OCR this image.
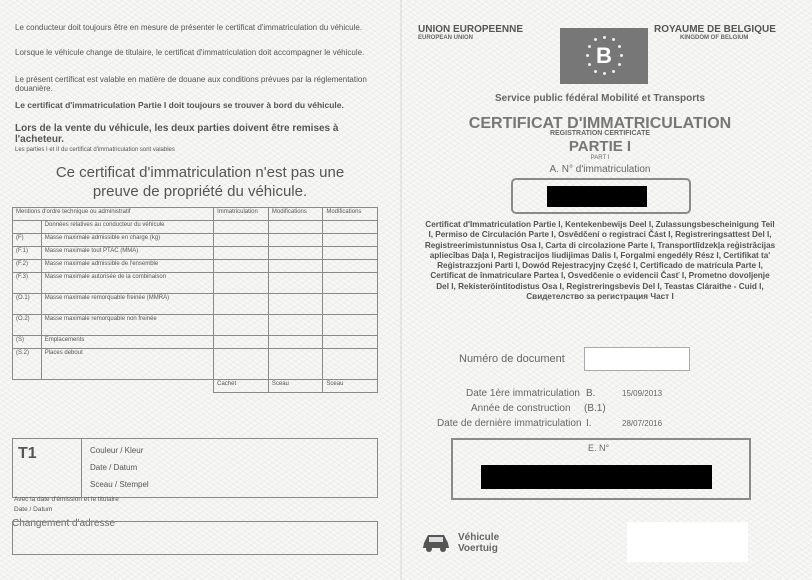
Le conducteur doit toujours être en mesure de présenter le certificat d'immatriculation du véhicule.
Lorsque le véhicule change de titulaire, le certificat d'immatriculation doit accompagner le véhicule.
Le présent certificat est valable en matière de douane aux conditions prévues par la réglementation douanière.
Le certificat d'immatriculation Partie I doit toujours se trouver à bord du véhicule.
Lors de la vente du véhicule, les deux parties doivent être remises à l'acheteur.
Les parties I et II du certificat d'immatriculation sont valables
Ce certificat d'immatriculation n'est pas une preuve de propriété du véhicule.
Mentions d'ordre technique ou administratif		Immatriculation	Modifications	Modifications
	Données relatives au conducteur du véhicule			
(F)	Masse maximale admissible en charge (kg)			
(F.1)	Masse maximale tout PTAC (MMA)			
(F.2)	Masse maximale admissible de l'ensemble			
(F.3)	Masse maximale autorisée de la combinaison			
(O.1)	Masse maximale remorquable freinée (MMRA)			
(O.2)	Masse maximale remorquable non freinée			
(S)	Emplacements			
(S.2)	Places debout			
		Cachet	Sceau	Sceau
T1	Couleur / Kleur
Date / Datum
Sceau / Stempel
Avec la date d'émission et le titulaire
Date / Datum
Changement d'adresse
UNION EUROPEENNE
EUROPEAN UNION
B
ROYAUME DE BELGIQUE
KINGDOM OF BELGIUM
Service public fédéral Mobilité et Transports
CERTIFICAT D'IMMATRICULATION
REGISTRATION CERTIFICATE
PARTIE I
PART I
A. N° d'immatriculation
Certificat d'Immatriculation Partie I, Kentekenbewijs Deel I, Zulassungsbescheinigung Teil I, Permiso de Circulación Parte I, Osvědčení o registraci Část I, Registreringsattest Del I, Registreerimistunnistus Osa I, Carta di circolazione Parte I, Transportlīdzekļa reģistrācijas apliecības Daļa I, Registracijos liudijimas Dalis I, Forgalmi engedély Rész I, Certifikat ta' Reġistrazzjoni Parti I, Dowód Rejestracyjny Część I, Certificado de matrícula Parte I, Certificat de înmatriculare Partea I, Osvedčenie o evidencii Časť I, Prometno dovoljenje Del I, Rekisteröintitodistus Osa I, Registreringsbevis Del I, Teastas Cláraithe - Cuid I, Свидетелство за регистрация Част I
Numéro de document
Date 1ère immatriculation B.	15/09/2013
Année de construction (B.1)
Date de dernière immatriculation I.	28/07/2016
E. N°
Véhicule
Voertuig
